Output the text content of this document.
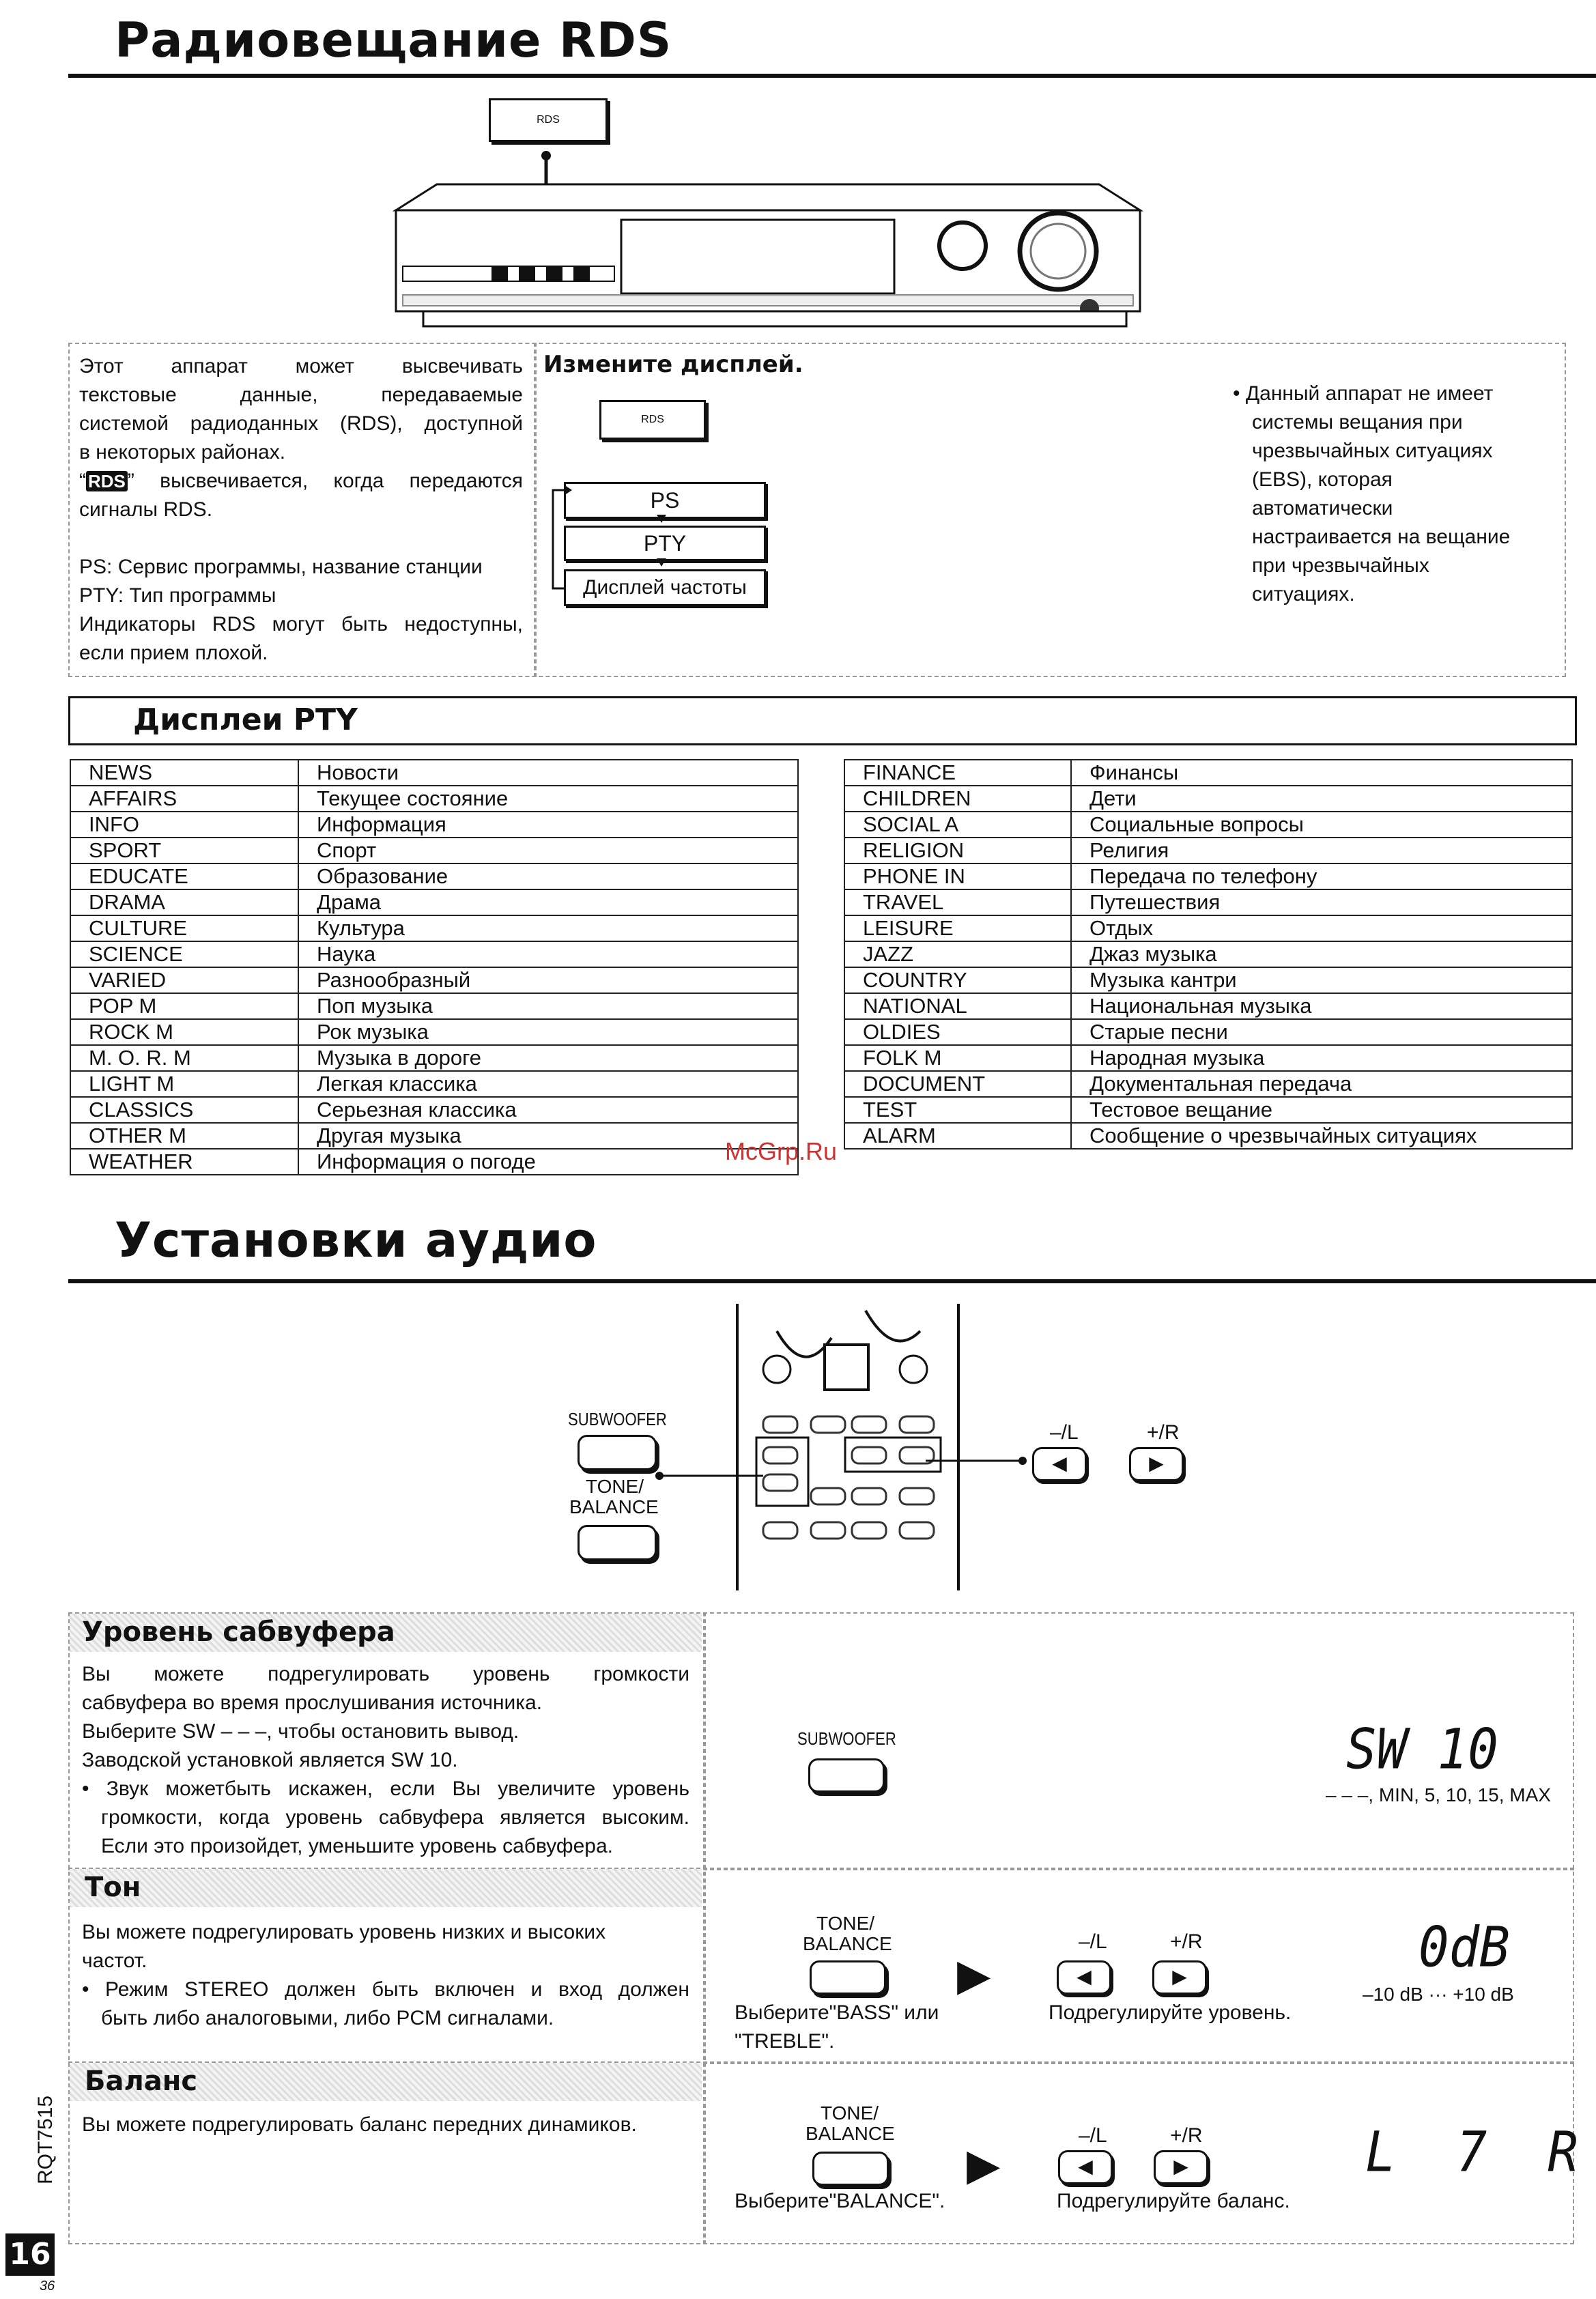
Радиовещание RDS
RDS
Этот аппарат может высвечивать
текстовые данные, передаваемые
системой радиоданных (RDS), доступной
в некоторых районах.
“ RDS ” высвечивается, когда передаются
сигналы RDS.
PS: Сервис программы, название станции
PTY: Тип программы
Индикаторы RDS могут быть недоступны,
если прием плохой.
Измените дисплей.
RDS
PS
PTY
Дисплей частоты
• Данный аппарат не имеет
системы вещания при
чрезвычайных ситуациях
(EBS), которая
автоматически
настраивается на вещание
при чрезвычайных
ситуациях.
Дисплеи PTY
NEWS	Новости
AFFAIRS	Текущее состояние
INFO	Информация
SPORT	Спорт
EDUCATE	Образование
DRAMA	Драма
CULTURE	Культура
SCIENCE	Наука
VARIED	Разнообразный
POP M	Поп музыка
ROCK M	Рок музыка
M. O. R. M	Музыка в дороге
LIGHT M	Легкая классика
CLASSICS	Серьезная классика
OTHER M	Другая музыка
WEATHER	Информация о погоде
FINANCE	Финансы
CHILDREN	Дети
SOCIAL A	Социальные вопросы
RELIGION	Религия
PHONE IN	Передача по телефону
TRAVEL	Путешествия
LEISURE	Отдых
JAZZ	Джаз музыка
COUNTRY	Музыка кантри
NATIONAL	Национальная музыка
OLDIES	Старые песни
FOLK M	Народная музыка
DOCUMENT	Документальная передача
TEST	Тестовое вещание
ALARM	Сообщение о чрезвычайных ситуациях
McGrp.Ru
Установки аудио
SUBWOOFER
TONE/
BALANCE
–/L	+/R
◀	▶
Уровень сабвуфера
Вы можете подрегулировать уровень громкости
сабвуфера во время прослушивания источника.
Выберите SW – – –, чтобы остановить вывод.
Заводской установкой является SW 10.
• Звук можетбыть искажен, если Вы увеличите уровень
громкости, когда уровень сабвуфера является высоким.
Если это произойдет, уменьшите уровень сабвуфера.
SUBWOOFER	SW 10
– – –, MIN, 5, 10, 15, MAX
Тон
Вы можете подрегулировать уровень низких и высоких
частот.
• Режим STEREO должен быть включен и вход должен
быть либо аналоговыми, либо PCM сигналами.
TONE/
BALANCE
Выберите"BASS" или
"TREBLE".
▶
–/L	+/R
◀	▶
Подрегулируйте уровень.
0dB
–10 dB ··· +10 dB
Баланс
Вы можете подрегулировать баланс передних динамиков.
TONE/
BALANCE
Выберите"BALANCE".
▶
–/L	+/R
◀	▶
Подрегулируйте баланс.
L  7  R
RQT7515
16
36
